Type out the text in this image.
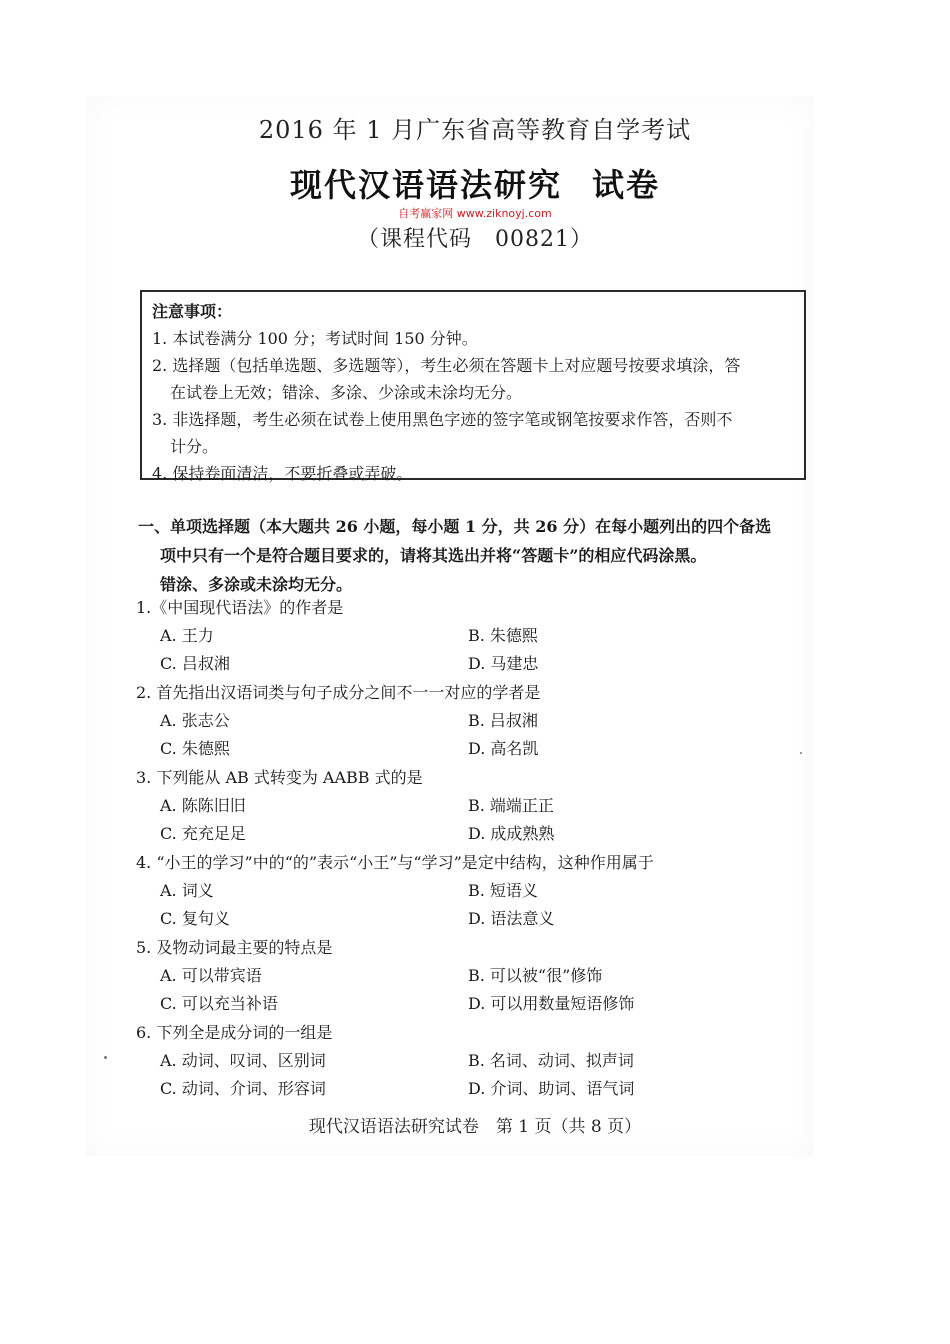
2016 年 1 月广东省高等教育自学考试
现代汉语语法研究 试卷
自考赢家网 www.ziknoyj.com
（课程代码　00821）
注意事项：
1. 本试卷满分 100 分；考试时间 150 分钟。
2. 选择题（包括单选题、多选题等），考生必须在答题卡上对应题号按要求填涂，答
在试卷上无效；错涂、多涂、少涂或未涂均无分。
3. 非选择题，考生必须在试卷上使用黑色字迹的签字笔或钢笔按要求作答，否则不
计分。
4. 保持卷面清洁，不要折叠或弄破。
一、单项选择题（本大题共 26 小题，每小题 1 分，共 26 分）在每小题列出的四个备选
项中只有一个是符合题目要求的，请将其选出并将“答题卡”的相应代码涂黑。
错涂、多涂或未涂均无分。
1.《中国现代语法》的作者是
A. 王力	B. 朱德熙
C. 吕叔湘	D. 马建忠
2. 首先指出汉语词类与句子成分之间不一一对应的学者是
A. 张志公	B. 吕叔湘
C. 朱德熙	D. 高名凯
3. 下列能从 AB 式转变为 AABB 式的是
A. 陈陈旧旧	B. 端端正正
C. 充充足足	D. 成成熟熟
4. “小王的学习”中的“的”表示“小王”与“学习”是定中结构，这种作用属于
A. 词义	B. 短语义
C. 复句义	D. 语法意义
5. 及物动词最主要的特点是
A. 可以带宾语	B. 可以被“很”修饰
C. 可以充当补语	D. 可以用数量短语修饰
6. 下列全是成分词的一组是
A. 动词、叹词、区别词	B. 名词、动词、拟声词
C. 动词、介词、形容词	D. 介词、助词、语气词
现代汉语语法研究试卷　第 1 页（共 8 页）
